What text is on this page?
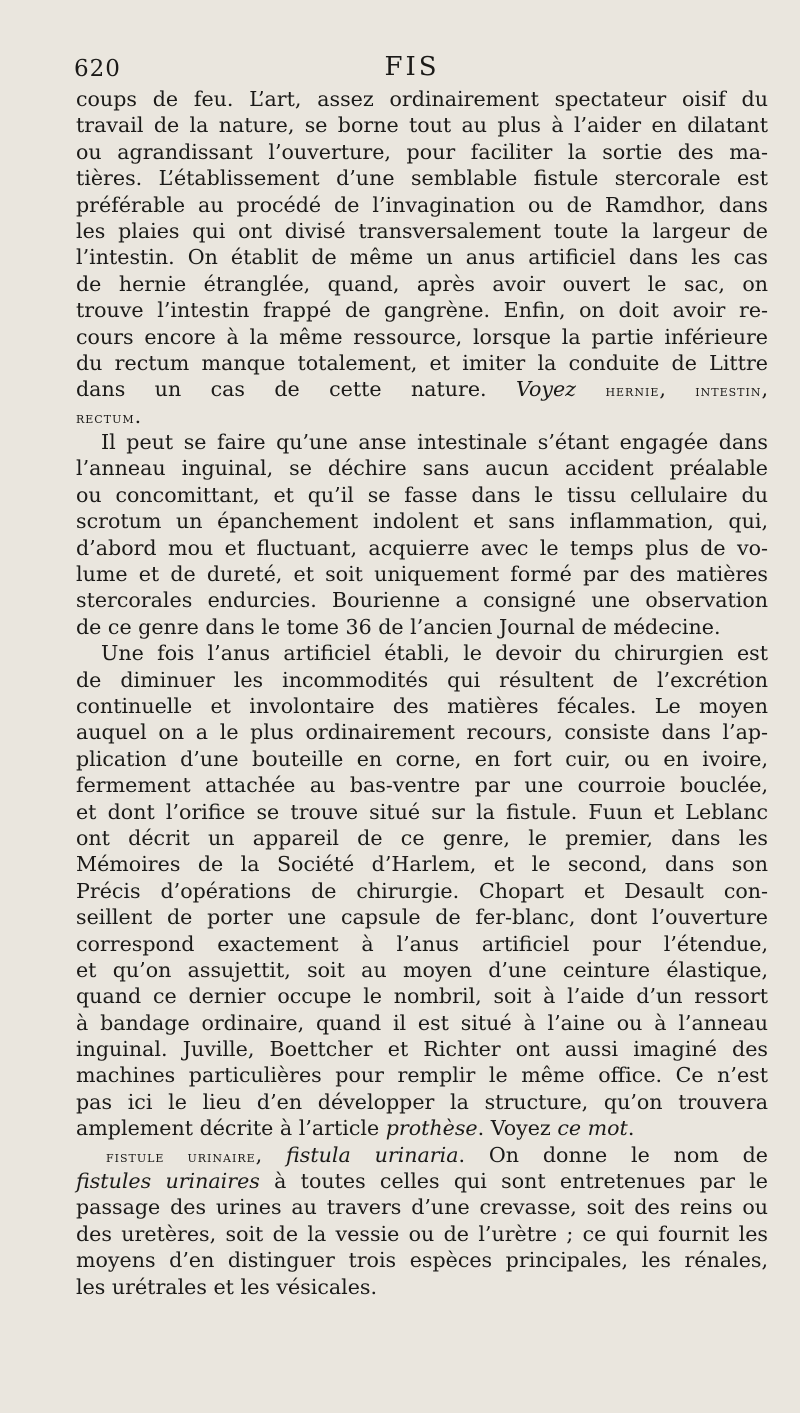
620	FIS
coups de feu. L’art, assez ordinairement spectateur oisif du
travail de la nature, se borne tout au plus à l’aider en dilatant
ou agrandissant l’ouverture, pour faciliter la sortie des ma-
tières. L’établissement d’une semblable fistule stercorale est
préférable au procédé de l’invagination ou de Ramdhor, dans
les plaies qui ont divisé transversalement toute la largeur de
l’intestin. On établit de même un anus artificiel dans les cas
de hernie étranglée, quand, après avoir ouvert le sac, on
trouve l’intestin frappé de gangrène. Enfin, on doit avoir re-
cours encore à la même ressource, lorsque la partie inférieure
du rectum manque totalement, et imiter la conduite de Littre
dans un cas de cette nature. Voyez hernie, intestin,
rectum.
Il peut se faire qu’une anse intestinale s’étant engagée dans
l’anneau inguinal, se déchire sans aucun accident préalable
ou concomittant, et qu’il se fasse dans le tissu cellulaire du
scrotum un épanchement indolent et sans inflammation, qui,
d’abord mou et fluctuant, acquierre avec le temps plus de vo-
lume et de dureté, et soit uniquement formé par des matières
stercorales endurcies. Bourienne a consigné une observation
de ce genre dans le tome 36 de l’ancien Journal de médecine.
Une fois l’anus artificiel établi, le devoir du chirurgien est
de diminuer les incommodités qui résultent de l’excrétion
continuelle et involontaire des matières fécales. Le moyen
auquel on a le plus ordinairement recours, consiste dans l’ap-
plication d’une bouteille en corne, en fort cuir, ou en ivoire,
fermement attachée au bas-ventre par une courroie bouclée,
et dont l’orifice se trouve situé sur la fistule. Fuun et Leblanc
ont décrit un appareil de ce genre, le premier, dans les
Mémoires de la Société d’Harlem, et le second, dans son
Précis d’opérations de chirurgie. Chopart et Desault con-
seillent de porter une capsule de fer-blanc, dont l’ouverture
correspond exactement à l’anus artificiel pour l’étendue,
et qu’on assujettit, soit au moyen d’une ceinture élastique,
quand ce dernier occupe le nombril, soit à l’aide d’un ressort
à bandage ordinaire, quand il est situé à l’aine ou à l’anneau
inguinal. Juville, Boettcher et Richter ont aussi imaginé des
machines particulières pour remplir le même office. Ce n’est
pas ici le lieu d’en développer la structure, qu’on trouvera
amplement décrite à l’article prothèse. Voyez ce mot.
fistule urinaire, fistula urinaria. On donne le nom de
fistules urinaires à toutes celles qui sont entretenues par le
passage des urines au travers d’une crevasse, soit des reins ou
des uretères, soit de la vessie ou de l’urètre ; ce qui fournit les
moyens d’en distinguer trois espèces principales, les rénales,
les urétrales et les vésicales.
